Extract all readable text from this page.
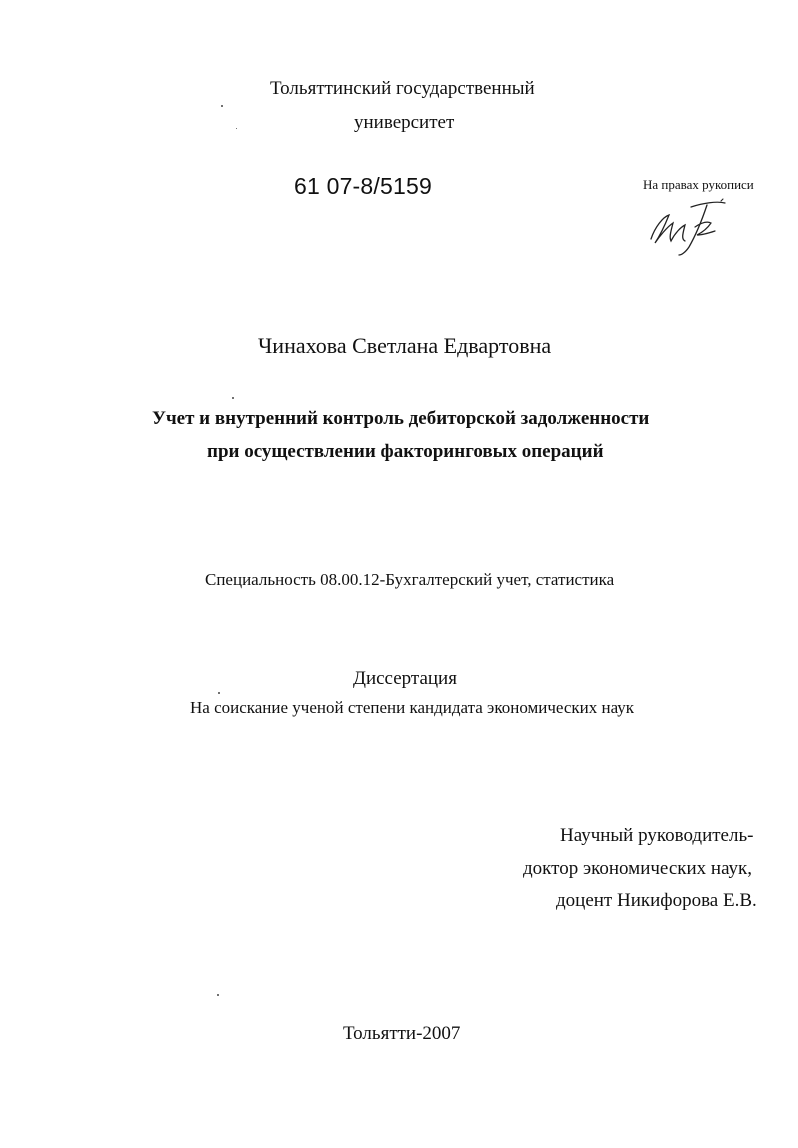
Тольяттинский государственный
университет
61 07-8/5159	На правах рукописи
Чинахова Светлана Едвартовна
Учет и внутренний контроль дебиторской задолженности
при осуществлении факторинговых операций
Специальность 08.00.12-Бухгалтерский учет, статистика
Диссертация
На соискание ученой степени кандидата экономических наук
Научный руководитель-
доктор экономических наук,
доцент Никифорова Е.В.
Тольятти-2007
